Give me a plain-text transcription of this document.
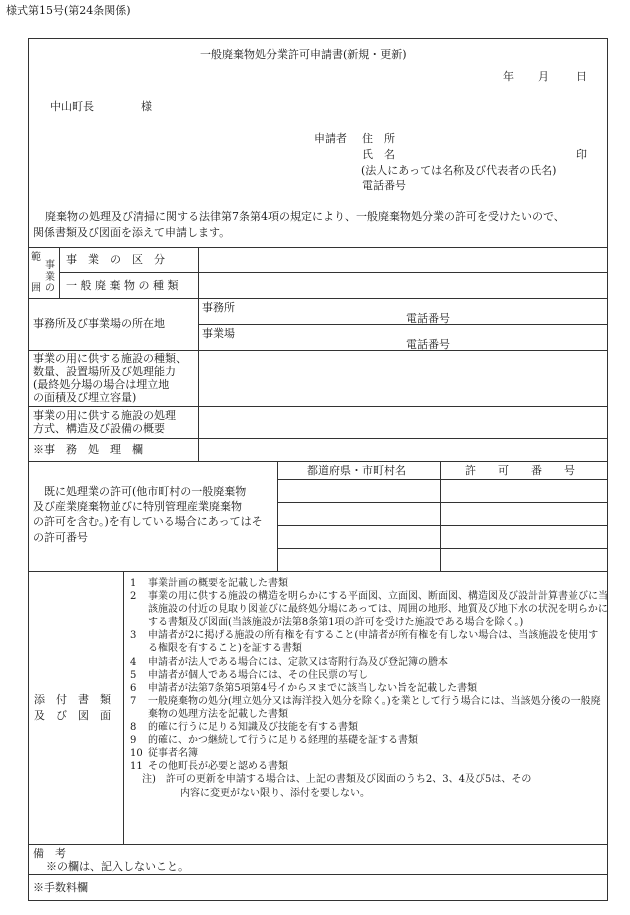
様式第15号(第24条関係)
一般廃棄物処分業許可申請書(新規・更新)
年 月 日
中山町長	様
申請者 住　所
氏　名	印
(法人にあっては名称及び代表者の氏名)
電話番号
廃棄物の処理及び清掃に関する法律第7条第4項の規定により、一般廃棄物処分業の許可を受けたいので、
関係書類及び図面を添えて申請します。
範
事
業
囲 の
事　業　の　区　分
一 般 廃 棄 物 の 種 類
事務所及び事業場の所在地
事務所
電話番号
事業場
電話番号
事業の用に供する施設の種類、
数量、設置場所及び処理能力
(最終処分場の場合は埋立地
の面積及び埋立容量)
事業の用に供する施設の処理
方式、構造及び設備の概要
※事　務　処　理　欄
都道府県・市町村名	許　　可　　番　　号
既に処理業の許可(他市町村の一般廃棄物
及び産業廃棄物並びに特別管理産業廃棄物
の許可を含む。)を有している場合にあってはそ
の許可番号
添　付　書　類
及　び　図　面
1 事業計画の概要を記載した書類
2 事業の用に供する施設の構造を明らかにする平面図、立面図、断面図、構造図及び設計計算書並びに当該施設の付近の見取り図並びに最終処分場にあっては、周囲の地形、地質及び地下水の状況を明らかにする書類及び図面(当該施設が法第8条第1項の許可を受けた施設である場合を除く。)
3 申請者が2に掲げる施設の所有権を有すること(申請者が所有権を有しない場合は、当該施設を使用する権限を有すること)を証する書類
4 申請者が法人である場合には、定款又は寄附行為及び登記簿の謄本
5 申請者が個人である場合には、その住民票の写し
6 申請者が法第7条第5項第4号イからヌまでに該当しない旨を記載した書類
7 一般廃棄物の処分(埋立処分又は海洋投入処分を除く。)を業として行う場合には、当該処分後の一般廃棄物の処理方法を記載した書類
8 的確に行うに足りる知識及び技能を有する書類
9 的確に、かつ継続して行うに足りる経理的基礎を証する書類
10 従事者名簿
11 その他町長が必要と認める書類
注)　 許可の更新を申請する場合は、上記の書類及び図面のうち2、3、4及び5は、その
内容に変更がない限り、添付を要しない。
備　考
※の欄は、記入しないこと。
※手数料欄
